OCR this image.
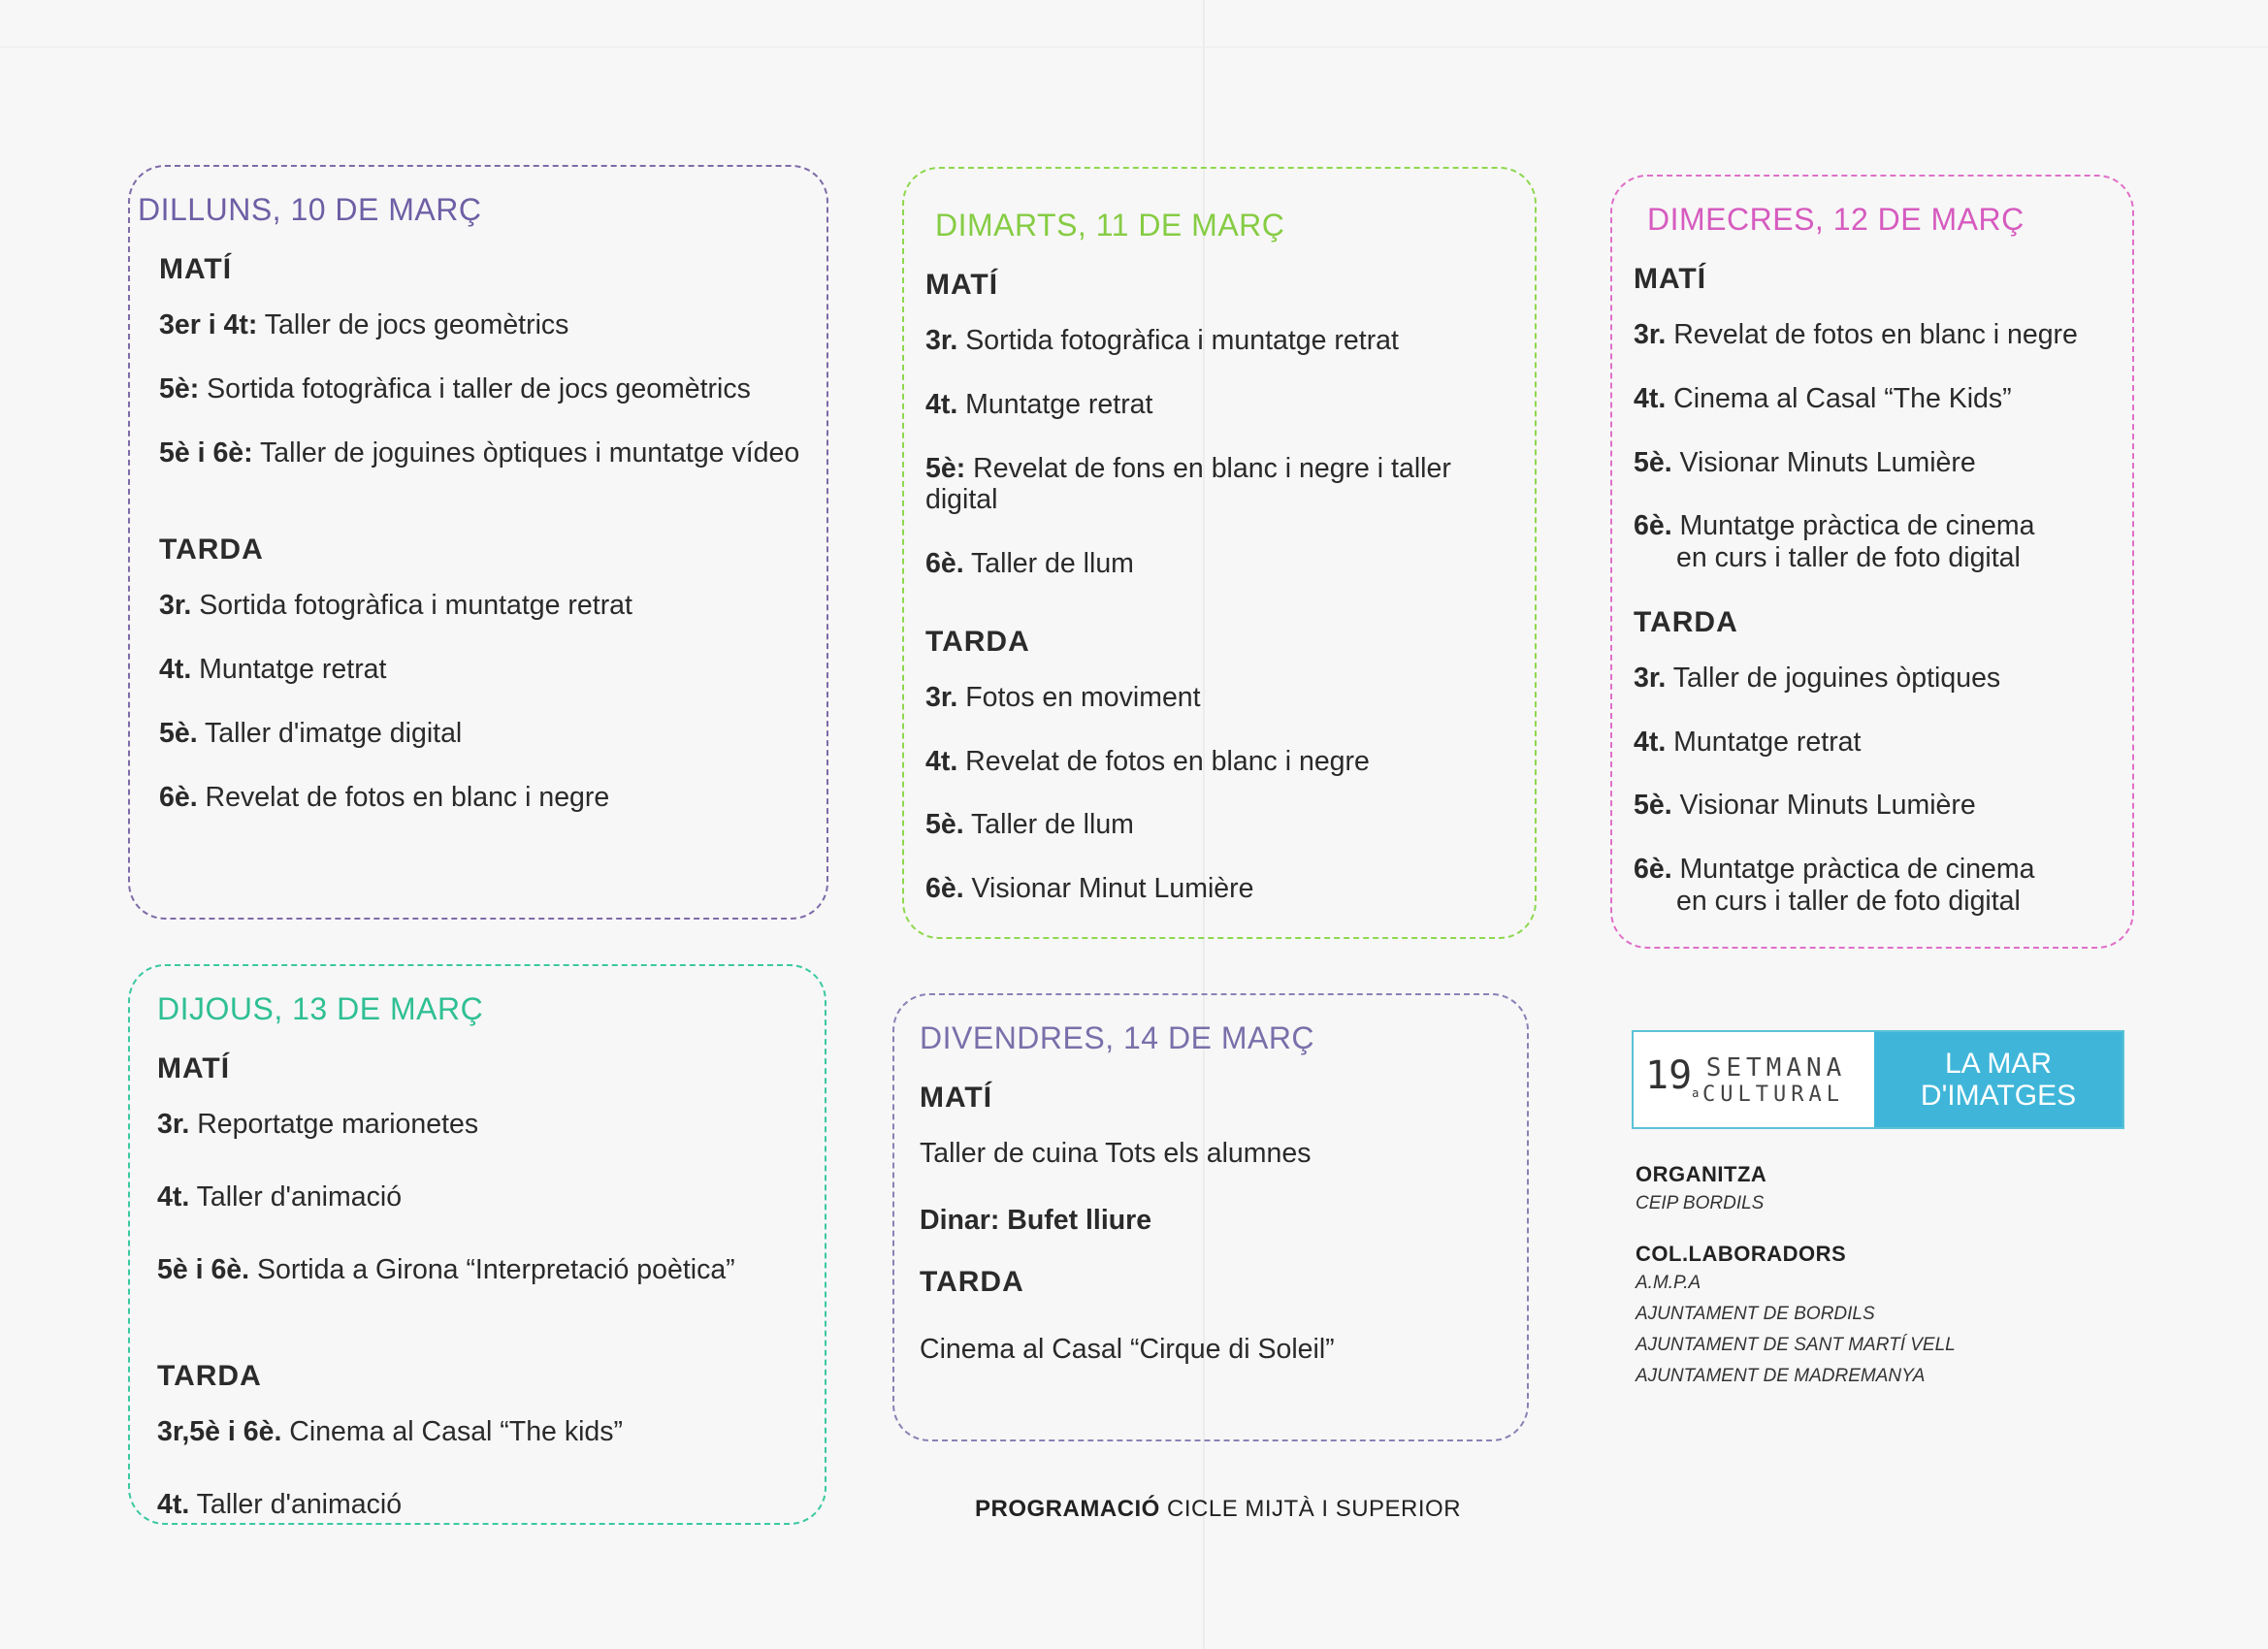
DILLUNS, 10 DE MARÇ
MATÍ
3er i 4t: Taller de jocs geomètrics
5è: Sortida fotogràfica i taller de jocs geomètrics
5è i 6è: Taller de joguines òptiques i muntatge vídeo
TARDA
3r. Sortida fotogràfica i muntatge retrat
4t. Muntatge retrat
5è. Taller d'imatge digital
6è. Revelat de fotos en blanc i negre
DIMARTS, 11 DE MARÇ
MATÍ
3r. Sortida fotogràfica i muntatge retrat
4t. Muntatge retrat
5è: Revelat de fons en blanc i negre i taller digital
6è. Taller de llum
TARDA
3r. Fotos en moviment
4t. Revelat de fotos en blanc i negre
5è. Taller de llum
6è. Visionar Minut Lumière
DIMECRES, 12 DE MARÇ
MATÍ
3r. Revelat de fotos en blanc i negre
4t. Cinema al Casal “The Kids”
5è. Visionar Minuts Lumière
6è. Muntatge pràctica de cinema
en curs i taller de foto digital
TARDA
3r. Taller de joguines òptiques
4t. Muntatge retrat
5è. Visionar Minuts Lumière
6è. Muntatge pràctica de cinema
en curs i taller de foto digital
DIJOUS, 13 DE MARÇ
MATÍ
3r. Reportatge marionetes
4t. Taller d'animació
5è i 6è. Sortida a Girona “Interpretació poètica”
TARDA
3r,5è i 6è. Cinema al Casal “The kids”
4t. Taller d'animació
DIVENDRES, 14 DE MARÇ
MATÍ
Taller de cuina Tots els alumnes
Dinar: Bufet lliure
TARDA
Cinema al Casal “Cirque di Soleil”
$19_a$
SETMANA
CULTURAL
LA MAR
D'IMATGES
ORGANITZA
CEIP BORDILS
COL.LABORADORS
A.M.P.A
AJUNTAMENT DE BORDILS
AJUNTAMENT DE SANT MARTÍ VELL
AJUNTAMENT DE MADREMANYA
PROGRAMACIÓ CICLE MIJTÀ I SUPERIOR
